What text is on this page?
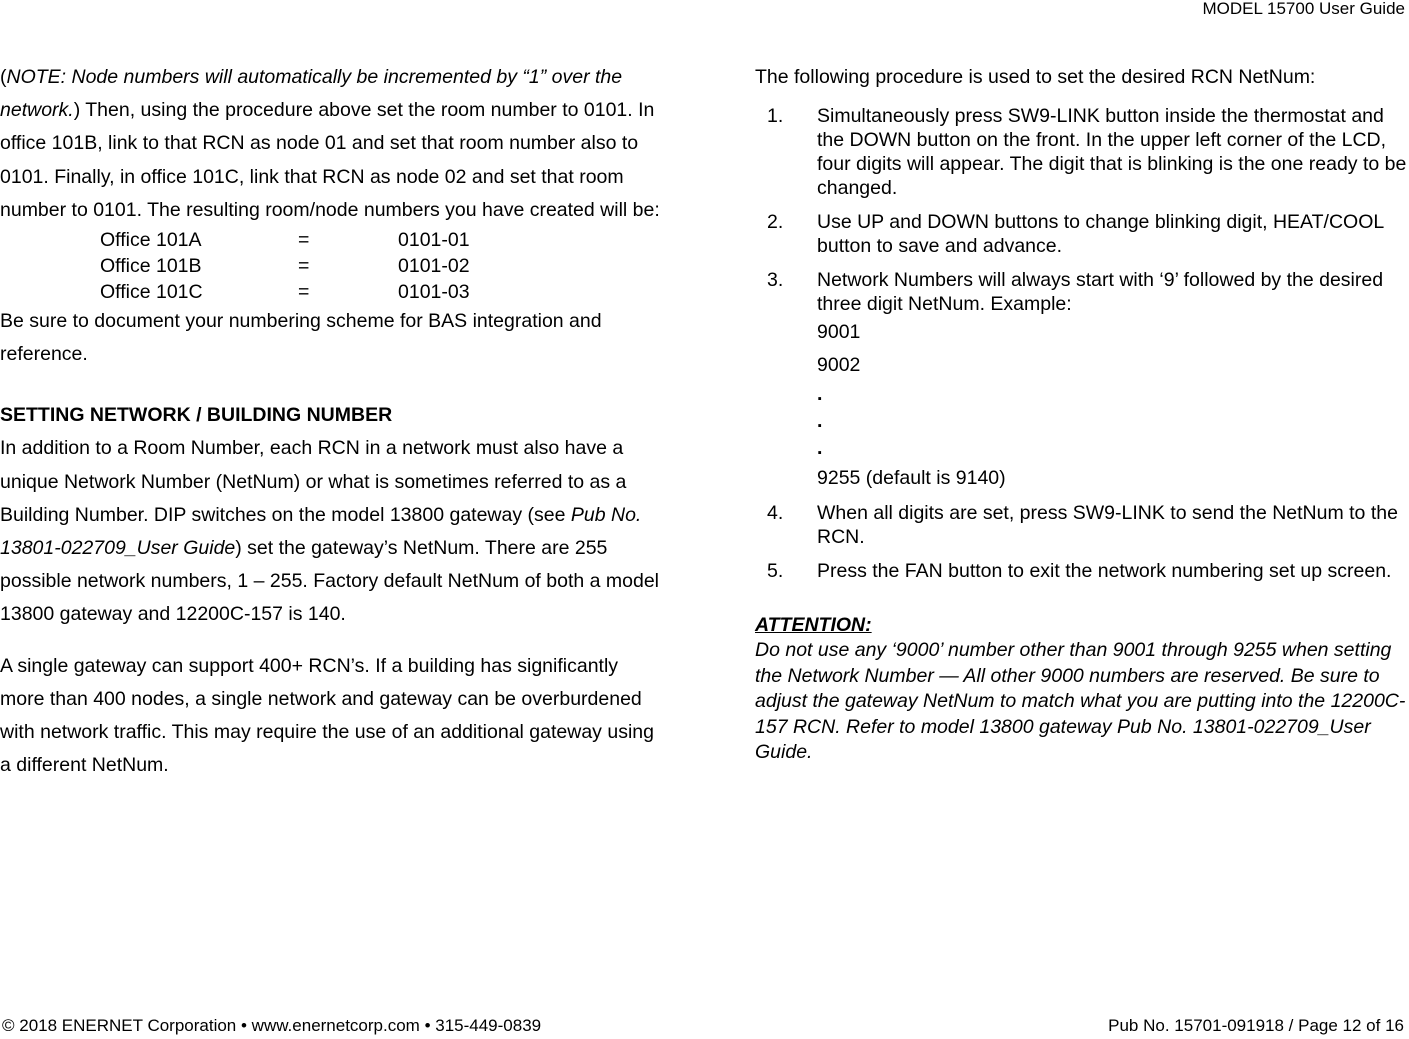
MODEL 15700 User Guide

(NOTE: Node numbers will automatically be incremented by “1” over the network.) Then, using the procedure above set the room number to 0101. In office 101B, link to that RCN as node 01 and set that room number also to 0101. Finally, in office 101C, link that RCN as node 02 and set that room number to 0101. The resulting room/node numbers you have created will be:

Office 101A	=	0101-01
Office 101B	=	0101-02
Office 101C	=	0101-03

Be sure to document your numbering scheme for BAS integration and reference.

SETTING NETWORK / BUILDING NUMBER

In addition to a Room Number, each RCN in a network must also have a unique Network Number (NetNum) or what is sometimes referred to as a Building Number. DIP switches on the model 13800 gateway (see Pub No. 13801-022709_User Guide) set the gateway’s NetNum. There are 255 possible network numbers, 1 – 255. Factory default NetNum of both a model 13800 gateway and 12200C-157 is 140.

A single gateway can support 400+ RCN’s. If a building has significantly more than 400 nodes, a single network and gateway can be overburdened with network traffic. This may require the use of an additional gateway using a different NetNum.

The following procedure is used to set the desired RCN NetNum:

1. Simultaneously press SW9-LINK button inside the thermostat and the DOWN button on the front. In the upper left corner of the LCD, four digits will appear. The digit that is blinking is the one ready to be changed.
2. Use UP and DOWN buttons to change blinking digit, HEAT/COOL button to save and advance.
3. Network Numbers will always start with ‘9’ followed by the desired three digit NetNum. Example:
9001
9002
.
.
.
9255 (default is 9140)
4. When all digits are set, press SW9-LINK to send the NetNum to the RCN.
5. Press the FAN button to exit the network numbering set up screen.
ATTENTION:
Do not use any ‘9000’ number other than 9001 through 9255 when setting the Network Number — All other 9000 numbers are reserved. Be sure to adjust the gateway NetNum to match what you are putting into the 12200C-157 RCN. Refer to model 13800 gateway Pub No. 13801-022709_User Guide.
© 2018 ENERNET Corporation • www.enernetcorp.com • 315-449-0839	Pub No. 15701-091918 / Page 12 of 16
